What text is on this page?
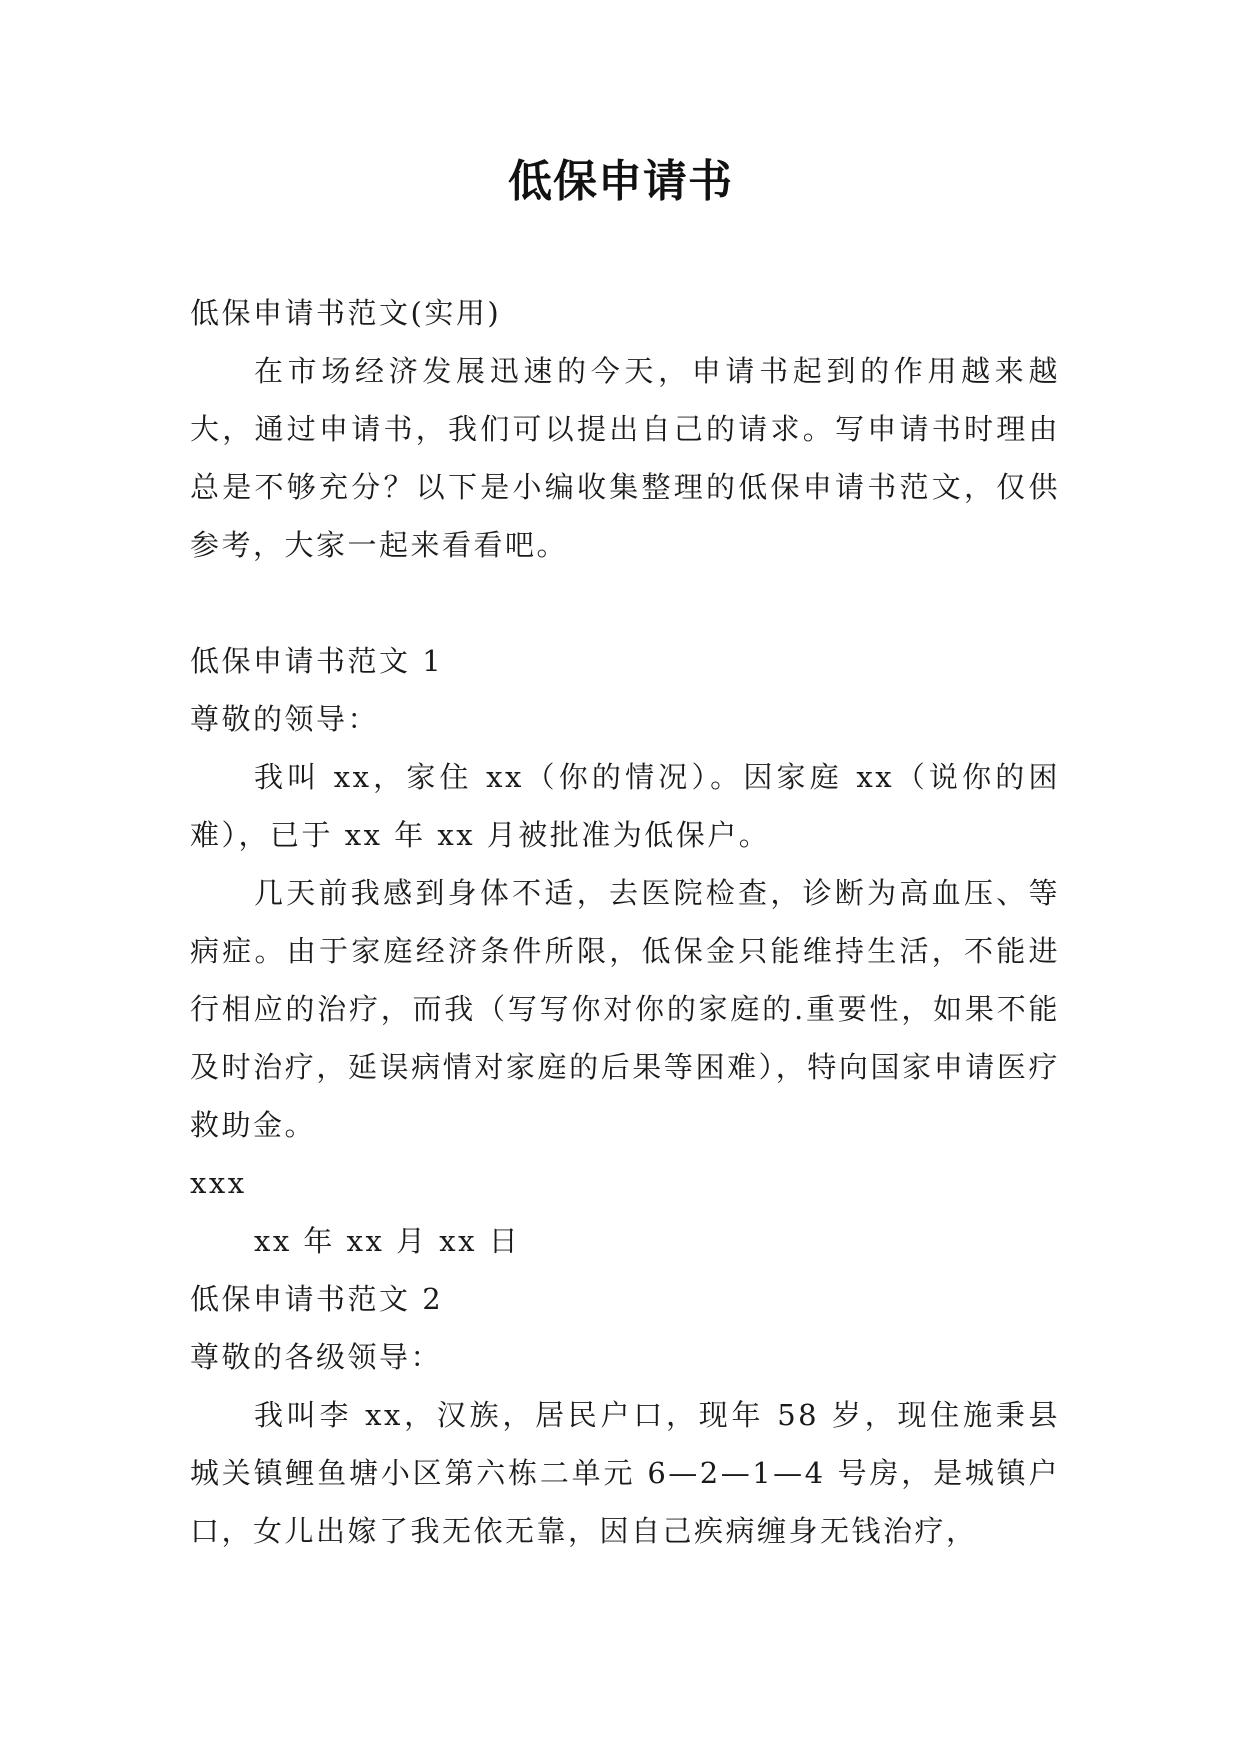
低保申请书

低保申请书范文(实用)

在市场经济发展迅速的今天，申请书起到的作用越来越大，通过申请书，我们可以提出自己的请求。写申请书时理由总是不够充分？以下是小编收集整理的低保申请书范文，仅供参考，大家一起来看看吧。

低保申请书范文 1

尊敬的领导：

我叫 xx，家住 xx（你的情况）。因家庭 xx（说你的困难），已于 xx 年 xx 月被批准为低保户。

几天前我感到身体不适，去医院检查，诊断为高血压、等病症。由于家庭经济条件所限，低保金只能维持生活，不能进行相应的治疗，而我（写写你对你的家庭的.重要性，如果不能及时治疗，延误病情对家庭的后果等困难），特向国家申请医疗救助金。

xxx

xx 年 xx 月 xx 日

低保申请书范文 2

尊敬的各级领导：

我叫李 xx，汉族，居民户口，现年 58 岁，现住施秉县城关镇鲤鱼塘小区第六栋二单元 6—2—1—4 号房，是城镇户口，女儿出嫁了我无依无靠，因自己疾病缠身无钱治疗，
